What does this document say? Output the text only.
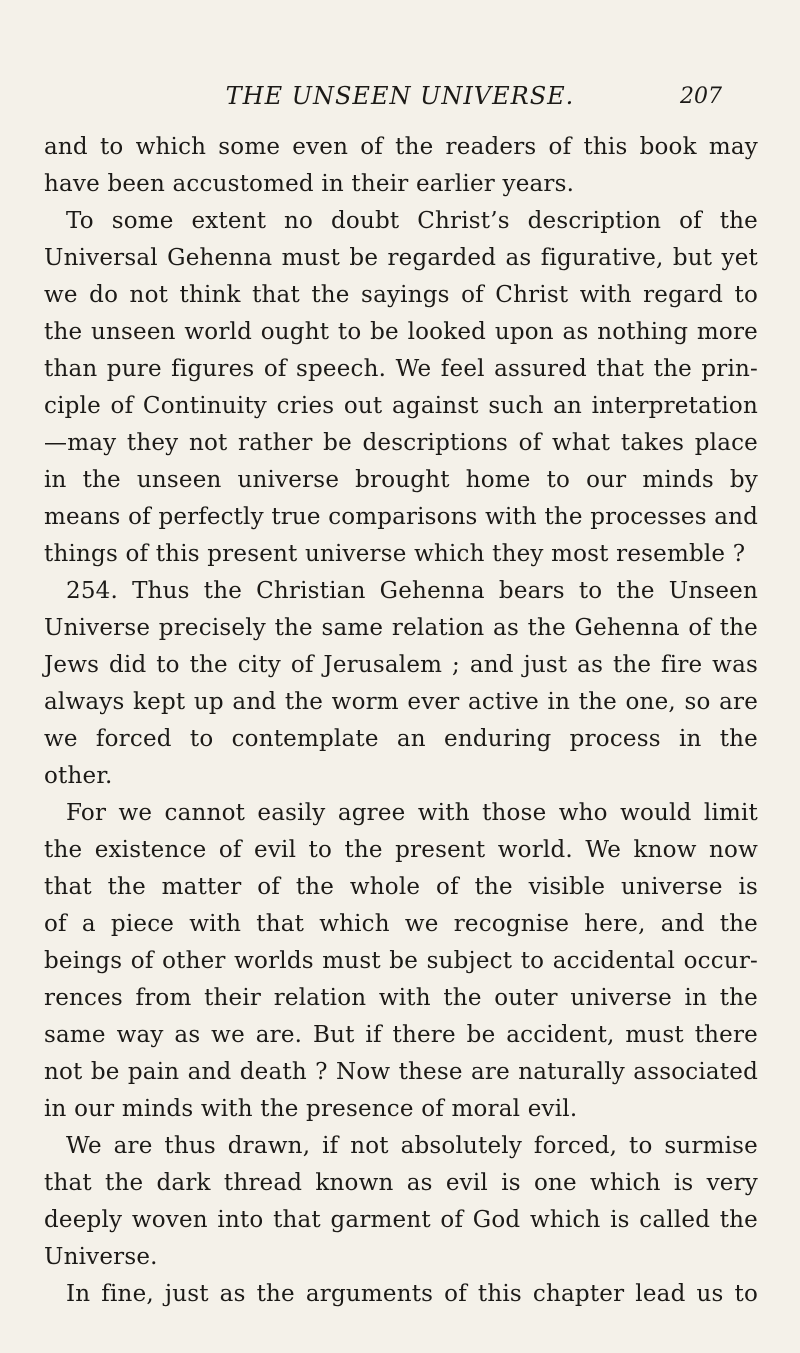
THE UNSEEN UNIVERSE.	207
and to which some even of the readers of this book may
have been accustomed in their earlier years.
To some extent no doubt Christ’s description of the
Universal Gehenna must be regarded as figurative, but yet
we do not think that the sayings of Christ with regard to
the unseen world ought to be looked upon as nothing more
than pure figures of speech. We feel assured that the prin-
ciple of Continuity cries out against such an interpretation
—may they not rather be descriptions of what takes place
in the unseen universe brought home to our minds by
means of perfectly true comparisons with the processes and
things of this present universe which they most resemble ?
254. Thus the Christian Gehenna bears to the Unseen
Universe precisely the same relation as the Gehenna of the
Jews did to the city of Jerusalem ; and just as the fire was
always kept up and the worm ever active in the one, so are
we forced to contemplate an enduring process in the
other.
For we cannot easily agree with those who would limit
the existence of evil to the present world. We know now
that the matter of the whole of the visible universe is
of a piece with that which we recognise here, and the
beings of other worlds must be subject to accidental occur-
rences from their relation with the outer universe in the
same way as we are. But if there be accident, must there
not be pain and death ? Now these are naturally associated
in our minds with the presence of moral evil.
We are thus drawn, if not absolutely forced, to surmise
that the dark thread known as evil is one which is very
deeply woven into that garment of God which is called the
Universe.
In fine, just as the arguments of this chapter lead us to
